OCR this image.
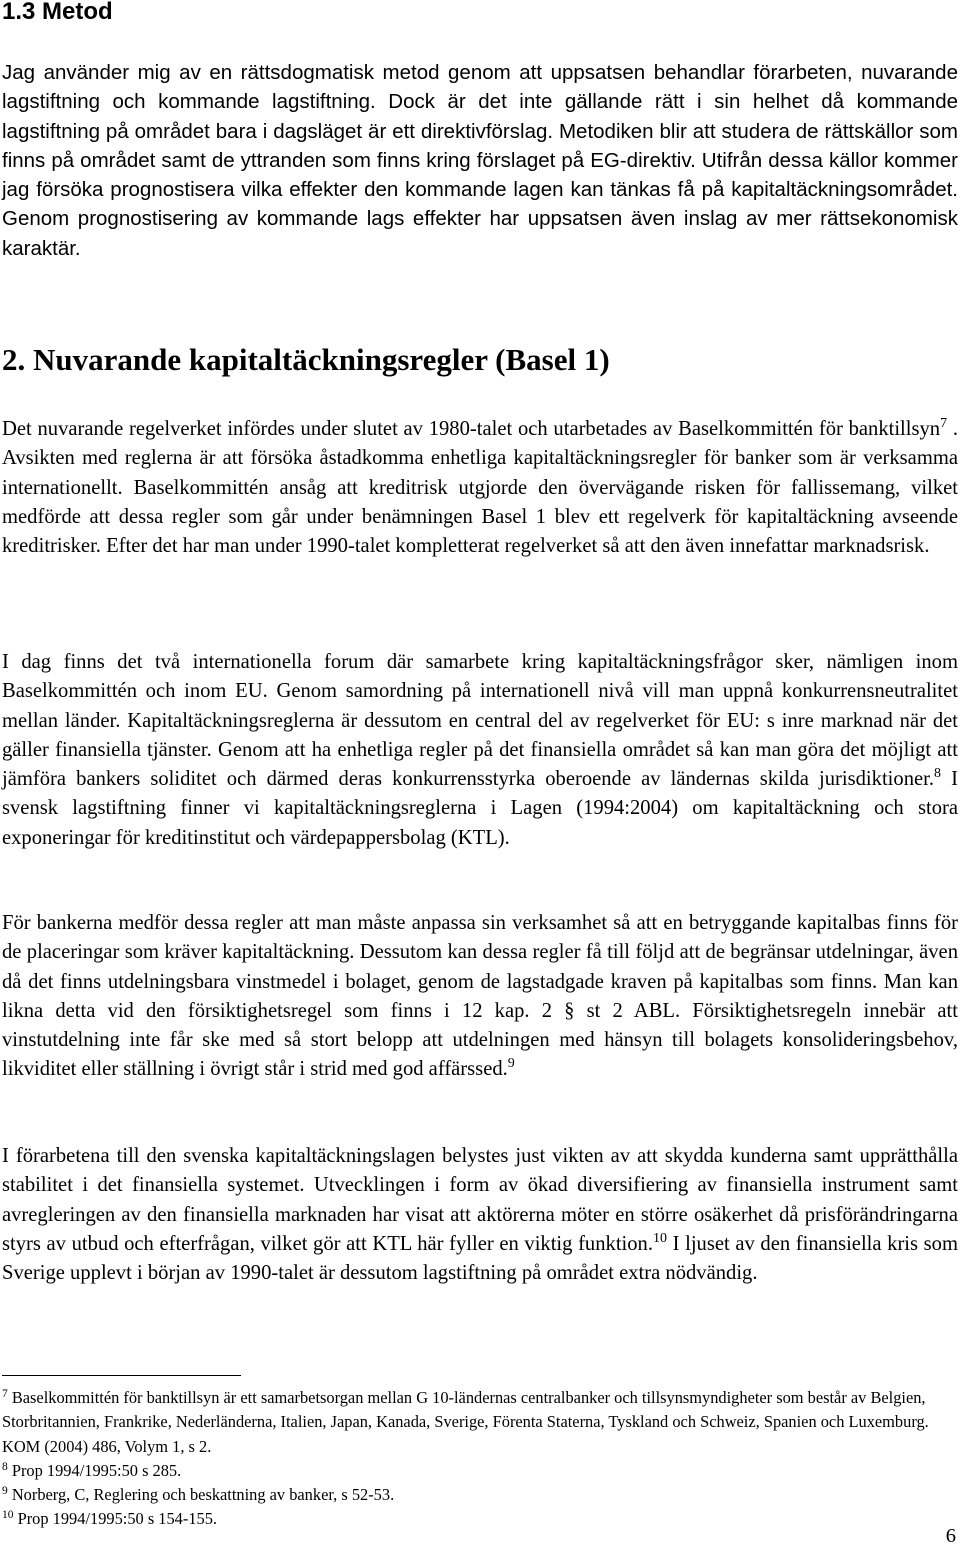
1.3 Metod

Jag använder mig av en rättsdogmatisk metod genom att uppsatsen behandlar förarbeten, nuvarande lagstiftning och kommande lagstiftning. Dock är det inte gällande rätt i sin helhet då kommande lagstiftning på området bara i dagsläget är ett direktivförslag. Metodiken blir att studera de rättskällor som finns på området samt de yttranden som finns kring förslaget på EG-direktiv. Utifrån dessa källor kommer jag försöka prognostisera vilka effekter den kommande lagen kan tänkas få på kapitaltäckningsområdet. Genom prognostisering av kommande lags effekter har uppsatsen även inslag av mer rättsekonomisk karaktär.

2. Nuvarande kapitaltäckningsregler (Basel 1)

Det nuvarande regelverket infördes under slutet av 1980-talet och utarbetades av Baselkommittén för banktillsyn$^7$ . Avsikten med reglerna är att försöka åstadkomma enhetliga kapitaltäckningsregler för banker som är verksamma internationellt. Baselkommittén ansåg att kreditrisk utgjorde den övervägande risken för fallissemang, vilket medförde att dessa regler som går under benämningen Basel 1 blev ett regelverk för kapitaltäckning avseende kreditrisker. Efter det har man under 1990-talet kompletterat regelverket så att den även innefattar marknadsrisk.

I dag finns det två internationella forum där samarbete kring kapitaltäckningsfrågor sker, nämligen inom Baselkommittén och inom EU. Genom samordning på internationell nivå vill man uppnå konkurrensneutralitet mellan länder. Kapitaltäckningsreglerna är dessutom en central del av regelverket för EU: s inre marknad när det gäller finansiella tjänster. Genom att ha enhetliga regler på det finansiella området så kan man göra det möjligt att jämföra bankers soliditet och därmed deras konkurrensstyrka oberoende av ländernas skilda jurisdiktioner.$^8$ I svensk lagstiftning finner vi kapitaltäckningsreglerna i Lagen (1994:2004) om kapitaltäckning och stora exponeringar för kreditinstitut och värdepappersbolag (KTL).

För bankerna medför dessa regler att man måste anpassa sin verksamhet så att en betryggande kapitalbas finns för de placeringar som kräver kapitaltäckning. Dessutom kan dessa regler få till följd att de begränsar utdelningar, även då det finns utdelningsbara vinstmedel i bolaget, genom de lagstadgade kraven på kapitalbas som finns. Man kan likna detta vid den försiktighetsregel som finns i 12 kap. 2 § st 2 ABL. Försiktighetsregeln innebär att vinstutdelning inte får ske med så stort belopp att utdelningen med hänsyn till bolagets konsolideringsbehov, likviditet eller ställning i övrigt står i strid med god affärssed.$^9$

I förarbetena till den svenska kapitaltäckningslagen belystes just vikten av att skydda kunderna samt upprätthålla stabilitet i det finansiella systemet. Utvecklingen i form av ökad diversifiering av finansiella instrument samt avregleringen av den finansiella marknaden har visat att aktörerna möter en större osäkerhet då prisförändringarna styrs av utbud och efterfrågan, vilket gör att KTL här fyller en viktig funktion.$^{10}$ I ljuset av den finansiella kris som Sverige upplevt i början av 1990-talet är dessutom lagstiftning på området extra nödvändig.

$^7$ Baselkommittén för banktillsyn är ett samarbetsorgan mellan G 10-ländernas centralbanker och tillsynsmyndigheter som består av Belgien, Storbritannien, Frankrike, Nederländerna, Italien, Japan, Kanada, Sverige, Förenta Staterna, Tyskland och Schweiz, Spanien och Luxemburg. KOM (2004) 486, Volym 1, s 2.

$^8$ Prop 1994/1995:50 s 285.

$^9$ Norberg, C, Reglering och beskattning av banker, s 52-53.

$^{10}$ Prop 1994/1995:50 s 154-155.

6
